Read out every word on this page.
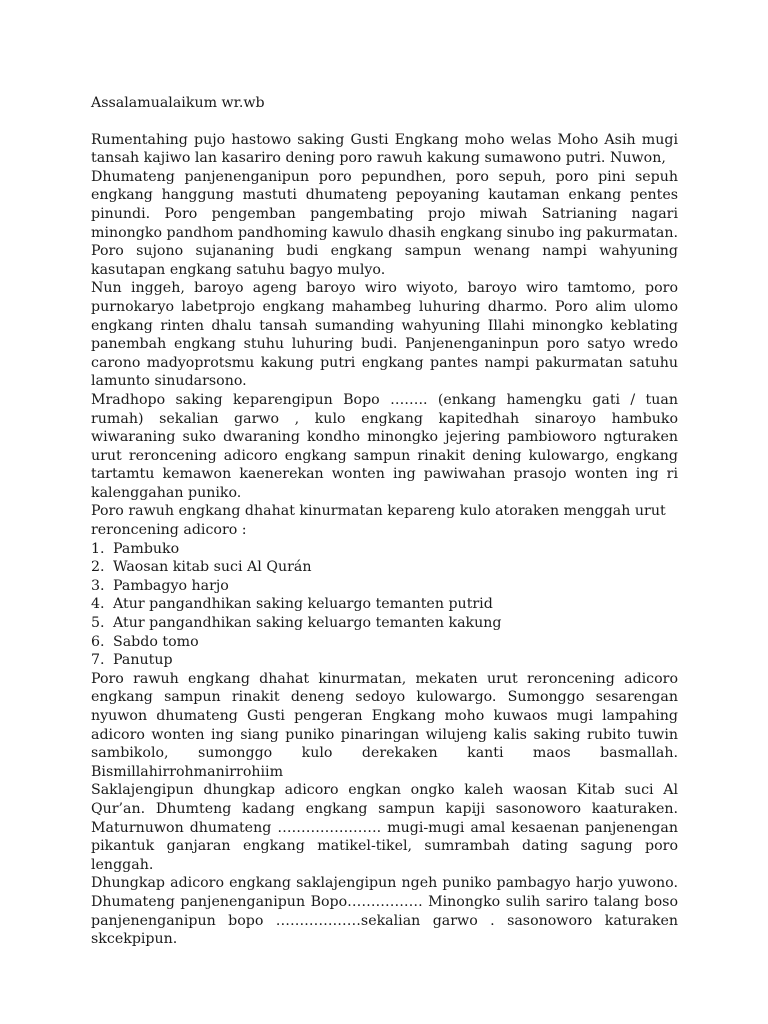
Assalamualaikum wr.wb

Rumentahing pujo hastowo saking Gusti Engkang moho welas Moho Asih mugi tansah kajiwo lan kasariro dening poro rawuh kakung sumawono putri. Nuwon,

Dhumateng panjenenganipun poro pepundhen, poro sepuh, poro pini sepuh engkang hanggung mastuti dhumateng pepoyaning kautaman enkang pentes pinundi. Poro pengemban pangembating projo miwah Satrianing nagari minongko pandhom pandhoming kawulo dhasih engkang sinubo ing pakurmatan. Poro sujono sujananing budi engkang sampun wenang nampi wahyuning kasutapan engkang satuhu bagyo mulyo.

Nun inggeh, baroyo ageng baroyo wiro wiyoto, baroyo wiro tamtomo, poro purnokaryo labetprojo engkang mahambeg luhuring dharmo. Poro alim ulomo engkang rinten dhalu tansah sumanding wahyuning Illahi minongko keblating panembah engkang stuhu luhuring budi. Panjenenganinpun poro satyo wredo carono madyoprotsmu kakung putri engkang pantes nampi pakurmatan satuhu lamunto sinudarsono.

Mradhopo saking keparengipun Bopo …….. (enkang hamengku gati / tuan rumah) sekalian garwo , kulo engkang kapitedhah sinaroyo hambuko wiwaraning suko dwaraning kondho minongko jejering pambioworo ngturaken urut reroncening adicoro engkang sampun rinakit dening kulowargo, engkang tartamtu kemawon kaenerekan wonten ing pawiwahan prasojo wonten ing ri kalenggahan puniko.

Poro rawuh engkang dhahat kinurmatan kepareng kulo atoraken menggah urut reroncening adicoro :

1. Pambuko
2. Waosan kitab suci Al Qurán
3. Pambagyo harjo
4. Atur pangandhikan saking keluargo temanten putrid
5. Atur pangandhikan saking keluargo temanten kakung
6. Sabdo tomo
7. Panutup

Poro rawuh engkang dhahat kinurmatan, mekaten urut reroncening adicoro engkang sampun rinakit deneng sedoyo kulowargo. Sumonggo sesarengan nyuwon dhumateng Gusti pengeran Engkang moho kuwaos mugi lampahing adicoro wonten ing siang puniko pinaringan wilujeng kalis saking rubito tuwin sambikolo, sumonggo kulo derekaken kanti maos basmallah. Bismillahirrohmanirrohiim

Saklajengipun dhungkap adicoro engkan ongko kaleh waosan Kitab suci Al Qur’an. Dhumteng kadang engkang sampun kapiji sasonoworo kaaturaken. Maturnuwon dhumateng …………………. mugi-mugi amal kesaenan panjenengan pikantuk ganjaran engkang matikel-tikel, sumrambah dating sagung poro lenggah.

Dhungkap adicoro engkang saklajengipun ngeh puniko pambagyo harjo yuwono. Dhumateng panjenenganipun Bopo……………. Minongko sulih sariro talang boso panjenenganipun bopo ………………sekalian garwo . sasonoworo katuraken skcekpipun.
